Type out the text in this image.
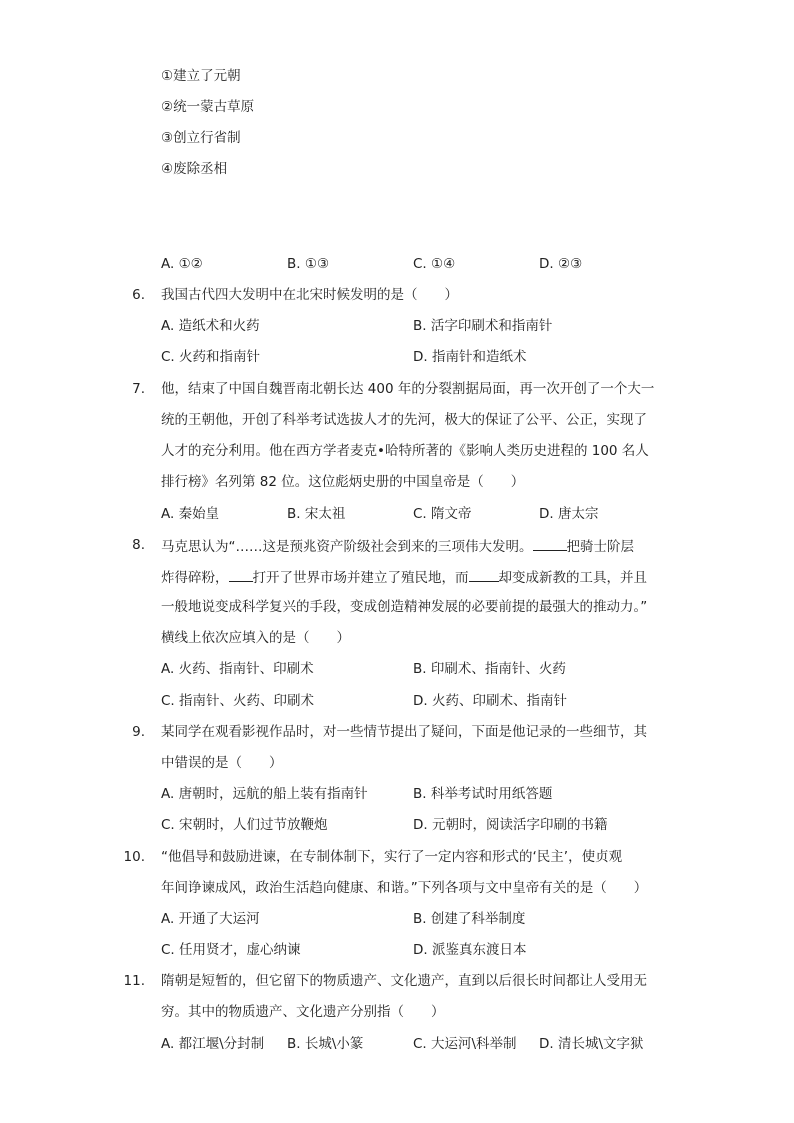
①建立了元朝
②统一蒙古草原
③创立行省制
④废除丞相
A. ①②	B. ①③	C. ①④	D. ②③
6. 我国古代四大发明中在北宋时候发明的是（　　）
A. 造纸术和火药	B. 活字印刷术和指南针
C. 火药和指南针	D. 指南针和造纸术
7. 他，结束了中国自魏晋南北朝长达 400 年的分裂割据局面，再一次开创了一个大一
统的王朝他，开创了科举考试选拔人才的先河，极大的保证了公平、公正，实现了
人才的充分利用。他在西方学者麦克•哈特所著的《影响人类历史进程的 100 名人
排行榜》名列第 82 位。这位彪炳史册的中国皇帝是（　　）
A. 秦始皇	B. 宋太祖	C. 隋文帝	D. 唐太宗
8. 马克思认为“……这是预兆资产阶级社会到来的三项伟大发明。	把骑士阶层
炸得碎粉， 打开了世界市场并建立了殖民地，而 却变成新教的工具，并且
一般地说变成科学复兴的手段，变成创造精神发展的必要前提的最强大的推动力。”
横线上依次应填入的是（　　）
A. 火药、指南针、印刷术	B. 印刷术、指南针、火药
C. 指南针、火药、印刷术	D. 火药、印刷术、指南针
9. 某同学在观看影视作品时，对一些情节提出了疑问，下面是他记录的一些细节，其
中错误的是（　　）
A. 唐朝时，远航的船上装有指南针	B. 科举考试时用纸答题
C. 宋朝时，人们过节放鞭炮	D. 元朝时，阅读活字印刷的书籍
10. “他倡导和鼓励进谏，在专制体制下，实行了一定内容和形式的‘民主’，使贞观
年间诤谏成风，政治生活趋向健康、和谐。”下列各项与文中皇帝有关的是（　　）
A. 开通了大运河	B. 创建了科举制度
C. 任用贤才，虚心纳谏	D. 派鉴真东渡日本
11. 隋朝是短暂的，但它留下的物质遗产、文化遗产，直到以后很长时间都让人受用无
穷。其中的物质遗产、文化遗产分别指（　　）
A. 都江堰\分封制 B. 长城\小篆	C. 大运河\科举制 D. 清长城\文字狱
